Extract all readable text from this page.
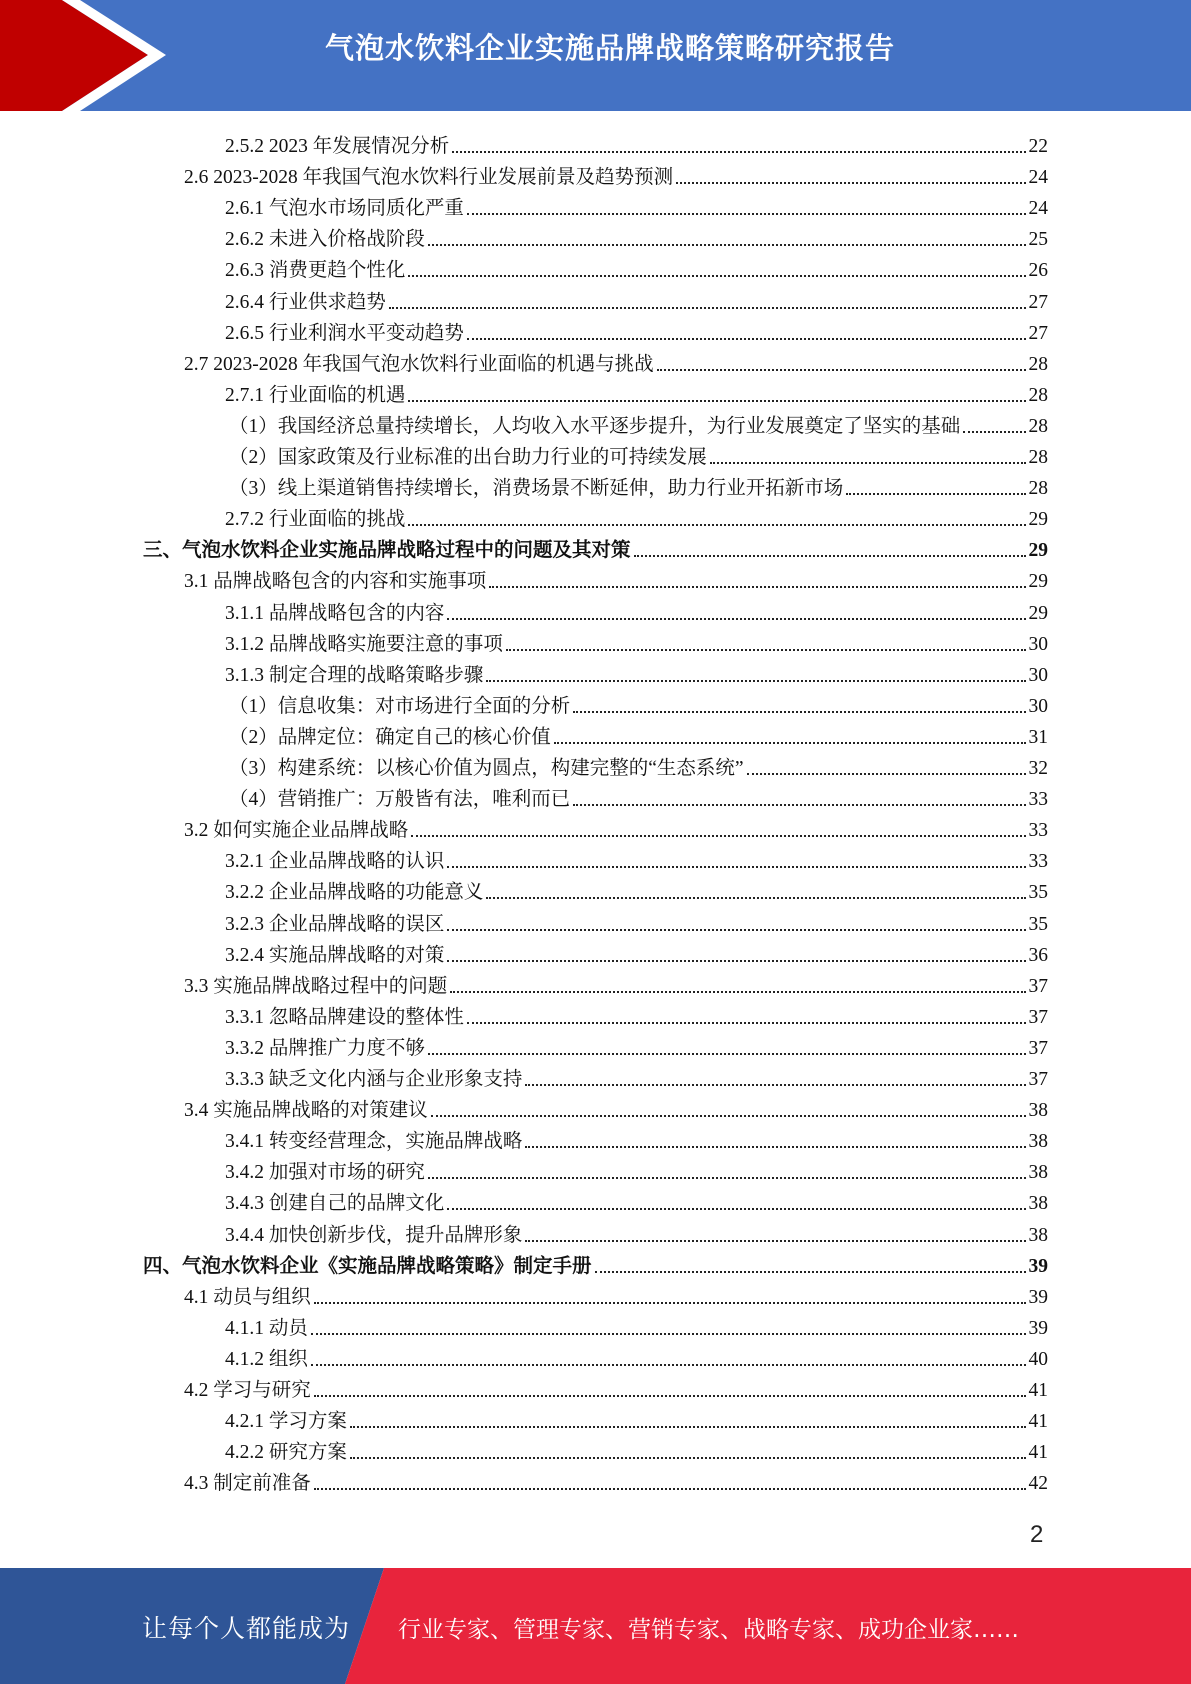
气泡水饮料企业实施品牌战略策略研究报告
2.5.2 2023 年发展情况分析	22
2.6 2023-2028 年我国气泡水饮料行业发展前景及趋势预测	24
2.6.1 气泡水市场同质化严重	24
2.6.2 未进入价格战阶段	25
2.6.3 消费更趋个性化	26
2.6.4 行业供求趋势	27
2.6.5 行业利润水平变动趋势	27
2.7 2023-2028 年我国气泡水饮料行业面临的机遇与挑战	28
2.7.1 行业面临的机遇	28
（1）我国经济总量持续增长，人均收入水平逐步提升，为行业发展奠定了坚实的基础	28
（2）国家政策及行业标准的出台助力行业的可持续发展	28
（3）线上渠道销售持续增长，消费场景不断延伸，助力行业开拓新市场	28
2.7.2 行业面临的挑战	29
三、气泡水饮料企业实施品牌战略过程中的问题及其对策	29
3.1 品牌战略包含的内容和实施事项	29
3.1.1 品牌战略包含的内容	29
3.1.2 品牌战略实施要注意的事项	30
3.1.3 制定合理的战略策略步骤	30
（1）信息收集：对市场进行全面的分析	30
（2）品牌定位：确定自己的核心价值	31
（3）构建系统：以核心价值为圆点，构建完整的“生态系统”	32
（4）营销推广：万般皆有法，唯利而已	33
3.2 如何实施企业品牌战略	33
3.2.1 企业品牌战略的认识	33
3.2.2 企业品牌战略的功能意义	35
3.2.3 企业品牌战略的误区	35
3.2.4 实施品牌战略的对策	36
3.3 实施品牌战略过程中的问题	37
3.3.1 忽略品牌建设的整体性	37
3.3.2 品牌推广力度不够	37
3.3.3 缺乏文化内涵与企业形象支持	37
3.4 实施品牌战略的对策建议	38
3.4.1 转变经营理念，实施品牌战略	38
3.4.2 加强对市场的研究	38
3.4.3 创建自己的品牌文化	38
3.4.4 加快创新步伐，提升品牌形象	38
四、气泡水饮料企业《实施品牌战略策略》制定手册	39
4.1 动员与组织	39
4.1.1 动员	39
4.1.2 组织	40
4.2 学习与研究	41
4.2.1 学习方案	41
4.2.2 研究方案	41
4.3 制定前准备	42
2
让每个人都能成为 行业专家、管理专家、营销专家、战略专家、成功企业家……
